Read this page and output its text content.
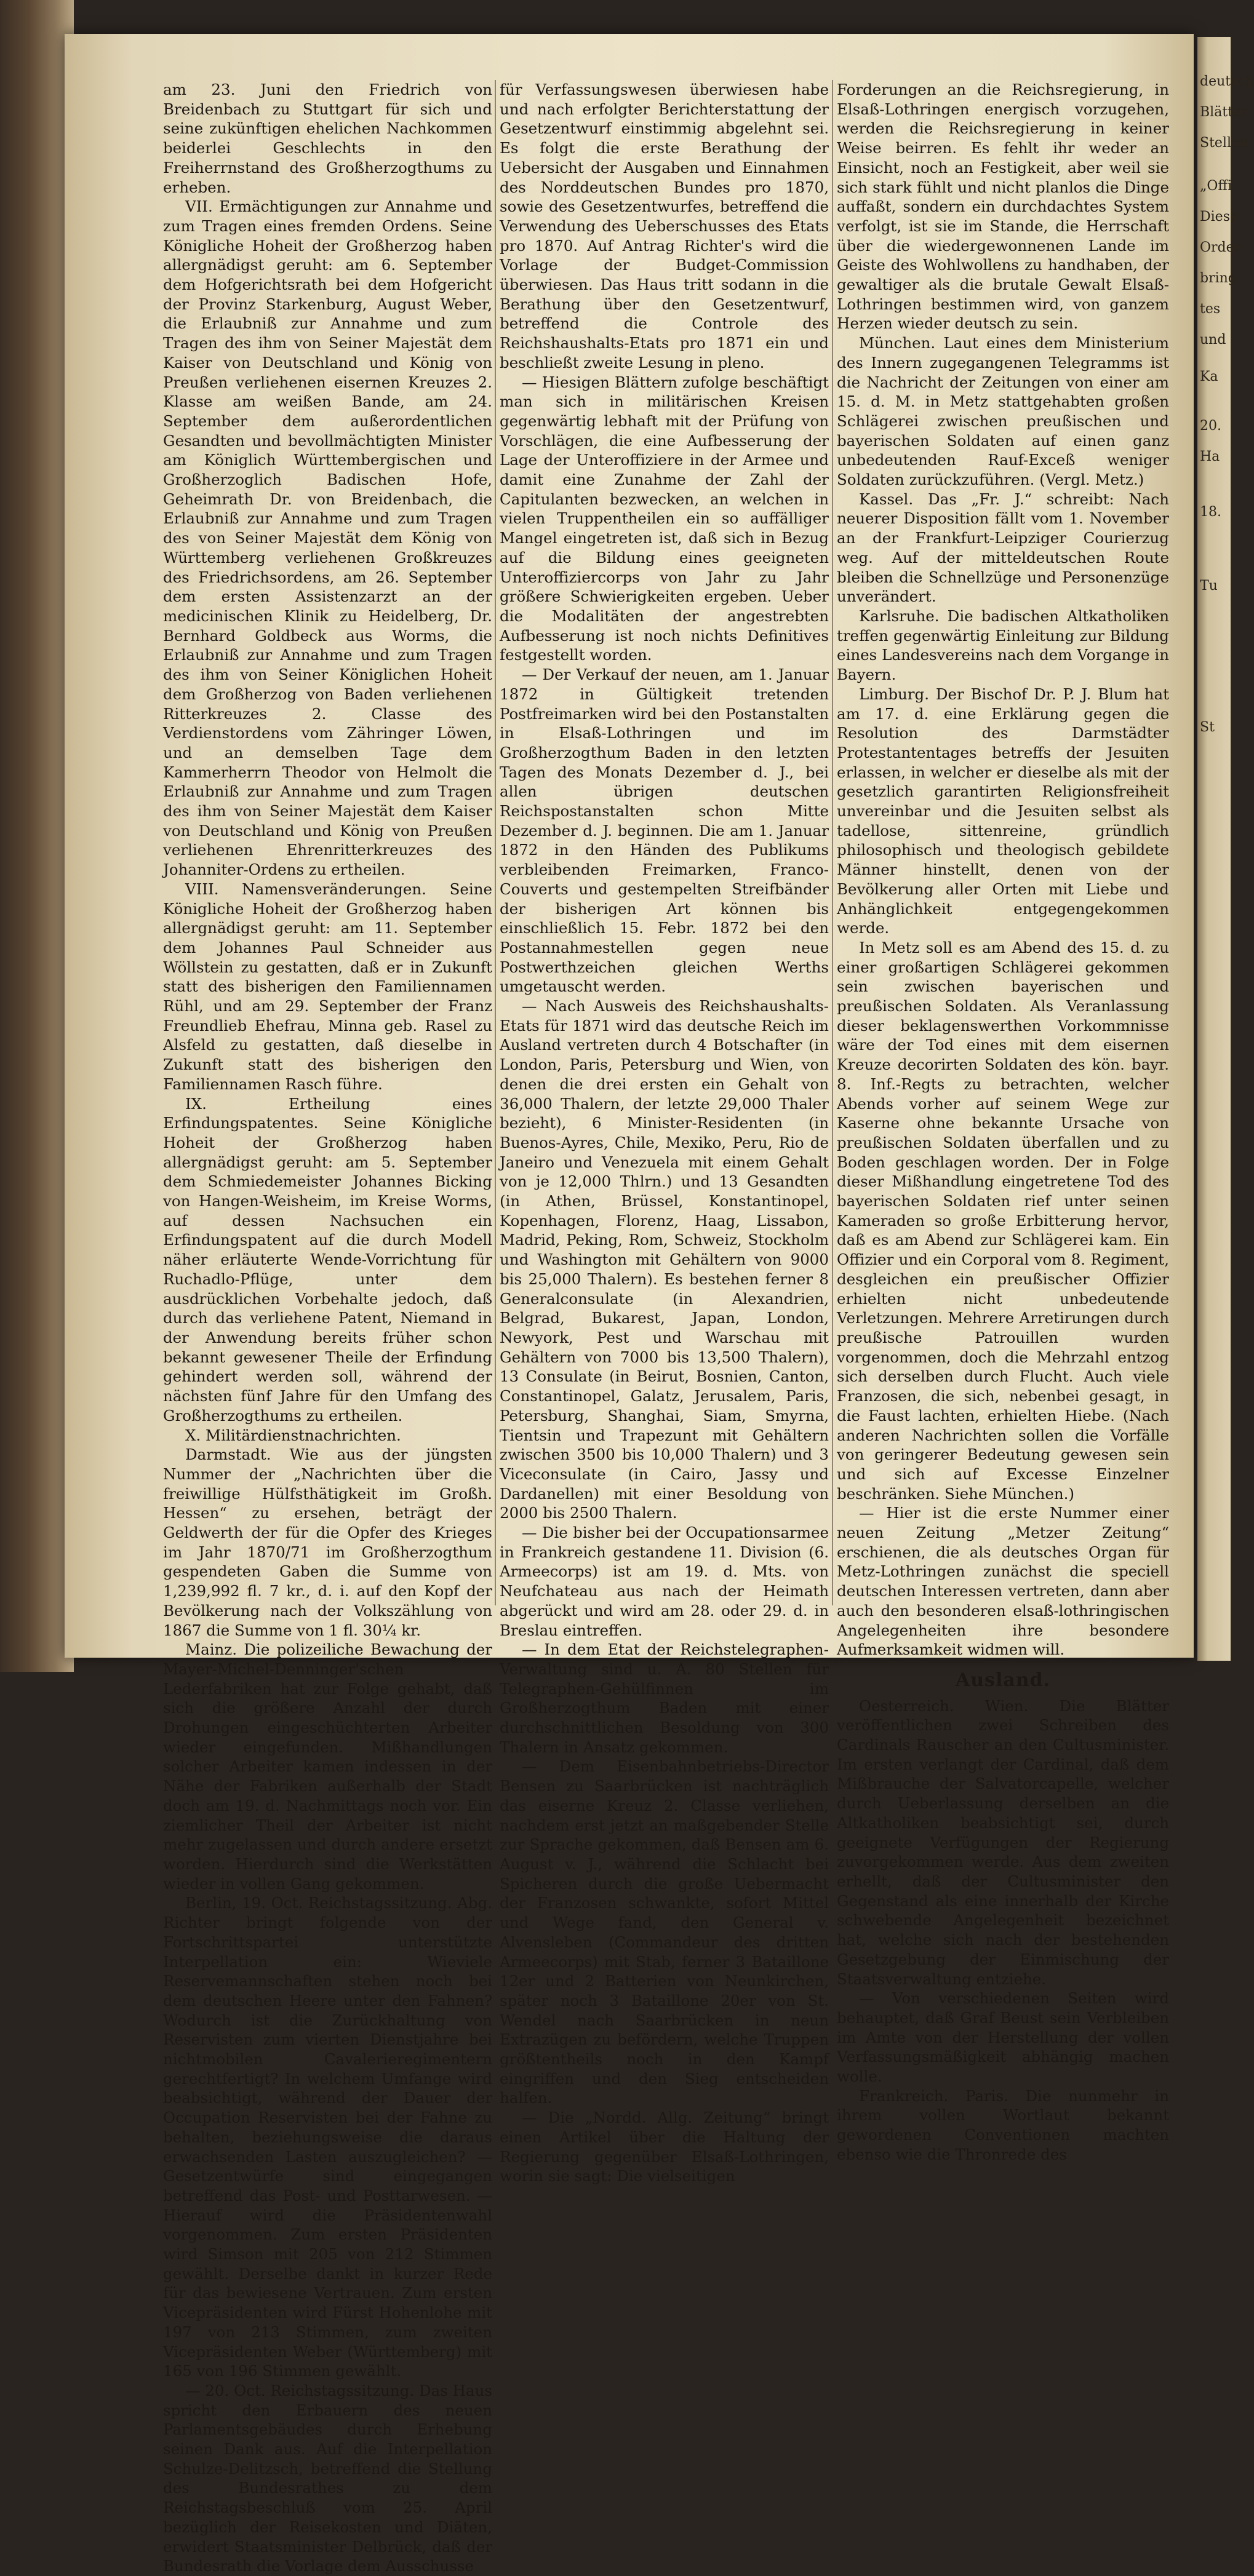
am 23. Juni den Friedrich von Breidenbach zu Stuttgart für sich und seine zukünftigen ehelichen Nachkommen beiderlei Geschlechts in den Freiherrnstand des Großherzogthums zu erheben.

VII. Ermächtigungen zur Annahme und zum Tragen eines fremden Ordens. Seine Königliche Hoheit der Großherzog haben allergnädigst geruht: am 6. September dem Hofgerichtsrath bei dem Hofgericht der Provinz Starkenburg, August Weber, die Erlaubniß zur Annahme und zum Tragen des ihm von Seiner Majestät dem Kaiser von Deutschland und König von Preußen verliehenen eisernen Kreuzes 2. Klasse am weißen Bande, am 24. September dem außerordentlichen Gesandten und bevollmächtigten Minister am Königlich Württembergischen und Großherzoglich Badischen Hofe, Geheimrath Dr. von Breidenbach, die Erlaubniß zur Annahme und zum Tragen des von Seiner Majestät dem König von Württemberg verliehenen Großkreuzes des Friedrichsordens, am 26. September dem ersten Assistenzarzt an der medicinischen Klinik zu Heidelberg, Dr. Bernhard Goldbeck aus Worms, die Erlaubniß zur Annahme und zum Tragen des ihm von Seiner Königlichen Hoheit dem Großherzog von Baden verliehenen Ritterkreuzes 2. Classe des Verdienstordens vom Zähringer Löwen, und an demselben Tage dem Kammerherrn Theodor von Helmolt die Erlaubniß zur Annahme und zum Tragen des ihm von Seiner Majestät dem Kaiser von Deutschland und König von Preußen verliehenen Ehrenritterkreuzes des Johanniter-Ordens zu ertheilen.

VIII. Namensveränderungen. Seine Königliche Hoheit der Großherzog haben allergnädigst geruht: am 11. September dem Johannes Paul Schneider aus Wöllstein zu gestatten, daß er in Zukunft statt des bisherigen den Familiennamen Rühl, und am 29. September der Franz Freundlieb Ehefrau, Minna geb. Rasel zu Alsfeld zu gestatten, daß dieselbe in Zukunft statt des bisherigen den Familiennamen Rasch führe.

IX. Ertheilung eines Erfindungspatentes. Seine Königliche Hoheit der Großherzog haben allergnädigst geruht: am 5. September dem Schmiedemeister Johannes Bicking von Hangen-Weisheim, im Kreise Worms, auf dessen Nachsuchen ein Erfindungspatent auf die durch Modell näher erläuterte Wende-Vorrichtung für Ruchadlo-Pflüge, unter dem ausdrücklichen Vorbehalte jedoch, daß durch das verliehene Patent, Niemand in der Anwendung bereits früher schon bekannt gewesener Theile der Erfindung gehindert werden soll, während der nächsten fünf Jahre für den Umfang des Großherzogthums zu ertheilen.

X. Militärdienstnachrichten.

Darmstadt. Wie aus der jüngsten Nummer der „Nachrichten über die freiwillige Hülfsthätigkeit im Großh. Hessen“ zu ersehen, beträgt der Geldwerth der für die Opfer des Krieges im Jahr 1870/71 im Großherzogthum gespendeten Gaben die Summe von 1,239,992 fl. 7 kr., d. i. auf den Kopf der Bevölkerung nach der Volkszählung von 1867 die Summe von 1 fl. 30¼ kr.

Mainz. Die polizeiliche Bewachung der Mayer-Michel-Denninger'schen Lederfabriken hat zur Folge gehabt, daß sich die größere Anzahl der durch Drohungen eingeschüchterten Arbeiter wieder eingefunden. Mißhandlungen solcher Arbeiter kamen indessen in der Nähe der Fabriken außerhalb der Stadt doch am 19. d. Nachmittags noch vor. Ein ziemlicher Theil der Arbeiter ist nicht mehr zugelassen und durch andere ersetzt worden. Hierdurch sind die Werkstätten wieder in vollen Gang gekommen.

Berlin, 19. Oct. Reichstagssitzung. Abg. Richter bringt folgende von der Fortschrittspartei unterstützte Interpellation ein: Wieviele Reservemannschaften stehen noch bei dem deutschen Heere unter den Fahnen? Wodurch ist die Zurückhaltung von Reservisten zum vierten Dienstjahre bei nichtmobilen Cavalerieregimentern gerechtfertigt? In welchem Umfange wird beabsichtigt, während der Dauer der Occupation Reservisten bei der Fahne zu behalten, beziehungsweise die daraus erwachsenden Lasten auszugleichen? — Gesetzentwürfe sind eingegangen betreffend das Post- und Posttarwesen. — Hierauf wird die Präsidentenwahl vorgenommen. Zum ersten Präsidenten wird Simson mit 205 von 212 Stimmen gewählt. Derselbe dankt in kurzer Rede für das bewiesene Vertrauen. Zum ersten Vicepräsidenten wird Fürst Hohenlohe mit 197 von 213 Stimmen, zum zweiten Vicepräsidenten Weber (Württemberg) mit 165 von 196 Stimmen gewählt.

— 20. Oct. Reichstagssitzung. Das Haus spricht den Erbauern des neuen Parlamentsgebäudes durch Erhebung seinen Dank aus. Auf die Interpellation Schulze-Delitzsch, betreffend die Stellung des Bundesrathes zu dem Reichstagsbeschluß vom 25. April bezüglich der Reisekosten und Diäten, erwidert Staatsminister Delbrück, daß der Bundesrath die Vorlage dem Ausschusse

für Verfassungswesen überwiesen habe und nach erfolgter Berichterstattung der Gesetzentwurf einstimmig abgelehnt sei. Es folgt die erste Berathung der Uebersicht der Ausgaben und Einnahmen des Norddeutschen Bundes pro 1870, sowie des Gesetzentwurfes, betreffend die Verwendung des Ueberschusses des Etats pro 1870. Auf Antrag Richter's wird die Vorlage der Budget-Commission überwiesen. Das Haus tritt sodann in die Berathung über den Gesetzentwurf, betreffend die Controle des Reichshaushalts-Etats pro 1871 ein und beschließt zweite Lesung in pleno.

— Hiesigen Blättern zufolge beschäftigt man sich in militärischen Kreisen gegenwärtig lebhaft mit der Prüfung von Vorschlägen, die eine Aufbesserung der Lage der Unteroffiziere in der Armee und damit eine Zunahme der Zahl der Capitulanten bezwecken, an welchen in vielen Truppentheilen ein so auffälliger Mangel eingetreten ist, daß sich in Bezug auf die Bildung eines geeigneten Unteroffiziercorps von Jahr zu Jahr größere Schwierigkeiten ergeben. Ueber die Modalitäten der angestrebten Aufbesserung ist noch nichts Definitives festgestellt worden.

— Der Verkauf der neuen, am 1. Januar 1872 in Gültigkeit tretenden Postfreimarken wird bei den Postanstalten in Elsaß-Lothringen und im Großherzogthum Baden in den letzten Tagen des Monats Dezember d. J., bei allen übrigen deutschen Reichspostanstalten schon Mitte Dezember d. J. beginnen. Die am 1. Januar 1872 in den Händen des Publikums verbleibenden Freimarken, Franco-Couverts und gestempelten Streifbänder der bisherigen Art können bis einschließlich 15. Febr. 1872 bei den Postannahmestellen gegen neue Postwerthzeichen gleichen Werths umgetauscht werden.

— Nach Ausweis des Reichshaushalts-Etats für 1871 wird das deutsche Reich im Ausland vertreten durch 4 Botschafter (in London, Paris, Petersburg und Wien, von denen die drei ersten ein Gehalt von 36,000 Thalern, der letzte 29,000 Thaler bezieht), 6 Minister-Residenten (in Buenos-Ayres, Chile, Mexiko, Peru, Rio de Janeiro und Venezuela mit einem Gehalt von je 12,000 Thlrn.) und 13 Gesandten (in Athen, Brüssel, Konstantinopel, Kopenhagen, Florenz, Haag, Lissabon, Madrid, Peking, Rom, Schweiz, Stockholm und Washington mit Gehältern von 9000 bis 25,000 Thalern). Es bestehen ferner 8 Generalconsulate (in Alexandrien, Belgrad, Bukarest, Japan, London, Newyork, Pest und Warschau mit Gehältern von 7000 bis 13,500 Thalern), 13 Consulate (in Beirut, Bosnien, Canton, Constantinopel, Galatz, Jerusalem, Paris, Petersburg, Shanghai, Siam, Smyrna, Tientsin und Trapezunt mit Gehältern zwischen 3500 bis 10,000 Thalern) und 3 Viceconsulate (in Cairo, Jassy und Dardanellen) mit einer Besoldung von 2000 bis 2500 Thalern.

— Die bisher bei der Occupationsarmee in Frankreich gestandene 11. Division (6. Armeecorps) ist am 19. d. Mts. von Neufchateau aus nach der Heimath abgerückt und wird am 28. oder 29. d. in Breslau eintreffen.

— In dem Etat der Reichstelegraphen-Verwaltung sind u. A. 80 Stellen für Telegraphen-Gehülfinnen im Großherzogthum Baden mit einer durchschnittlichen Besoldung von 300 Thalern in Ansatz gekommen.

— Dem Eisenbahnbetriebs-Director Bensen zu Saarbrücken ist nachträglich das eiserne Kreuz 2. Classe verliehen, nachdem erst jetzt an maßgebender Stelle zur Sprache gekommen, daß Bensen am 6. August v. J., während die Schlacht bei Spicheren durch die große Uebermacht der Franzosen schwankte, sofort Mittel und Wege fand, den General v. Alvensleben (Commandeur des dritten Armeecorps) mit Stab, ferner 3 Bataillone 12er und 2 Batterien von Neunkirchen, später noch 3 Bataillone 20er von St. Wendel nach Saarbrücken in neun Extrazügen zu befördern, welche Truppen größtentheils noch in den Kampf eingriffen und den Sieg entscheiden halfen.

— Die „Nordd. Allg. Zeitung“ bringt einen Artikel über die Haltung der Regierung gegenüber Elsaß-Lothringen, worin sie sagt: Die vielseitigen

Forderungen an die Reichsregierung, in Elsaß-Lothringen energisch vorzugehen, werden die Reichsregierung in keiner Weise beirren. Es fehlt ihr weder an Einsicht, noch an Festigkeit, aber weil sie sich stark fühlt und nicht planlos die Dinge auffaßt, sondern ein durchdachtes System verfolgt, ist sie im Stande, die Herrschaft über die wiedergewonnenen Lande im Geiste des Wohlwollens zu handhaben, der gewaltiger als die brutale Gewalt Elsaß-Lothringen bestimmen wird, von ganzem Herzen wieder deutsch zu sein.

München. Laut eines dem Ministerium des Innern zugegangenen Telegramms ist die Nachricht der Zeitungen von einer am 15. d. M. in Metz stattgehabten großen Schlägerei zwischen preußischen und bayerischen Soldaten auf einen ganz unbedeutenden Rauf-Exceß weniger Soldaten zurückzuführen. (Vergl. Metz.)

Kassel. Das „Fr. J.“ schreibt: Nach neuerer Disposition fällt vom 1. November an der Frankfurt-Leipziger Courierzug weg. Auf der mitteldeutschen Route bleiben die Schnellzüge und Personenzüge unverändert.

Karlsruhe. Die badischen Altkatholiken treffen gegenwärtig Einleitung zur Bildung eines Landesvereins nach dem Vorgange in Bayern.

Limburg. Der Bischof Dr. P. J. Blum hat am 17. d. eine Erklärung gegen die Resolution des Darmstädter Protestantentages betreffs der Jesuiten erlassen, in welcher er dieselbe als mit der gesetzlich garantirten Religionsfreiheit unvereinbar und die Jesuiten selbst als tadellose, sittenreine, gründlich philosophisch und theologisch gebildete Männer hinstellt, denen von der Bevölkerung aller Orten mit Liebe und Anhänglichkeit entgegengekommen werde.

In Metz soll es am Abend des 15. d. zu einer großartigen Schlägerei gekommen sein zwischen bayerischen und preußischen Soldaten. Als Veranlassung dieser beklagenswerthen Vorkommnisse wäre der Tod eines mit dem eisernen Kreuze decorirten Soldaten des kön. bayr. 8. Inf.-Regts zu betrachten, welcher Abends vorher auf seinem Wege zur Kaserne ohne bekannte Ursache von preußischen Soldaten überfallen und zu Boden geschlagen worden. Der in Folge dieser Mißhandlung eingetretene Tod des bayerischen Soldaten rief unter seinen Kameraden so große Erbitterung hervor, daß es am Abend zur Schlägerei kam. Ein Offizier und ein Corporal vom 8. Regiment, desgleichen ein preußischer Offizier erhielten nicht unbedeutende Verletzungen. Mehrere Arretirungen durch preußische Patrouillen wurden vorgenommen, doch die Mehrzahl entzog sich derselben durch Flucht. Auch viele Franzosen, die sich, nebenbei gesagt, in die Faust lachten, erhielten Hiebe. (Nach anderen Nachrichten sollen die Vorfälle von geringerer Bedeutung gewesen sein und sich auf Excesse Einzelner beschränken. Siehe München.)

— Hier ist die erste Nummer einer neuen Zeitung „Metzer Zeitung“ erschienen, die als deutsches Organ für Metz-Lothringen zunächst die speciell deutschen Interessen vertreten, dann aber auch den besonderen elsaß-lothringischen Angelegenheiten ihre besondere Aufmerksamkeit widmen will.

Ausland.

Oesterreich. Wien. Die Blätter veröffentlichen zwei Schreiben des Cardinals Rauscher an den Cultusminister. Im ersten verlangt der Cardinal, daß dem Mißbrauche der Salvatorcapelle, welcher durch Ueberlassung derselben an die Altkatholiken beabsichtigt sei, durch geeignete Verfügungen der Regierung zuvorgekommen werde. Aus dem zweiten erhellt, daß der Cultusminister den Gegenstand als eine innerhalb der Kirche schwebende Angelegenheit bezeichnet hat, welche sich nach der bestehenden Gesetzgebung der Einmischung der Staatsverwaltung entziehe.

— Von verschiedenen Seiten wird behauptet, daß Graf Beust sein Verbleiben im Amte von der Herstellung der vollen Verfassungsmäßigkeit abhängig machen wolle.

Frankreich. Paris. Die nunmehr in ihrem vollen Wortlaut bekannt gewordenen Conventionen machten ebenso wie die Thronrede des

deutsch
Blätter
Stellun
„Offi
Diese
Order
bring
tes
und
Ka
20.
Ha
18.
Tu
St
